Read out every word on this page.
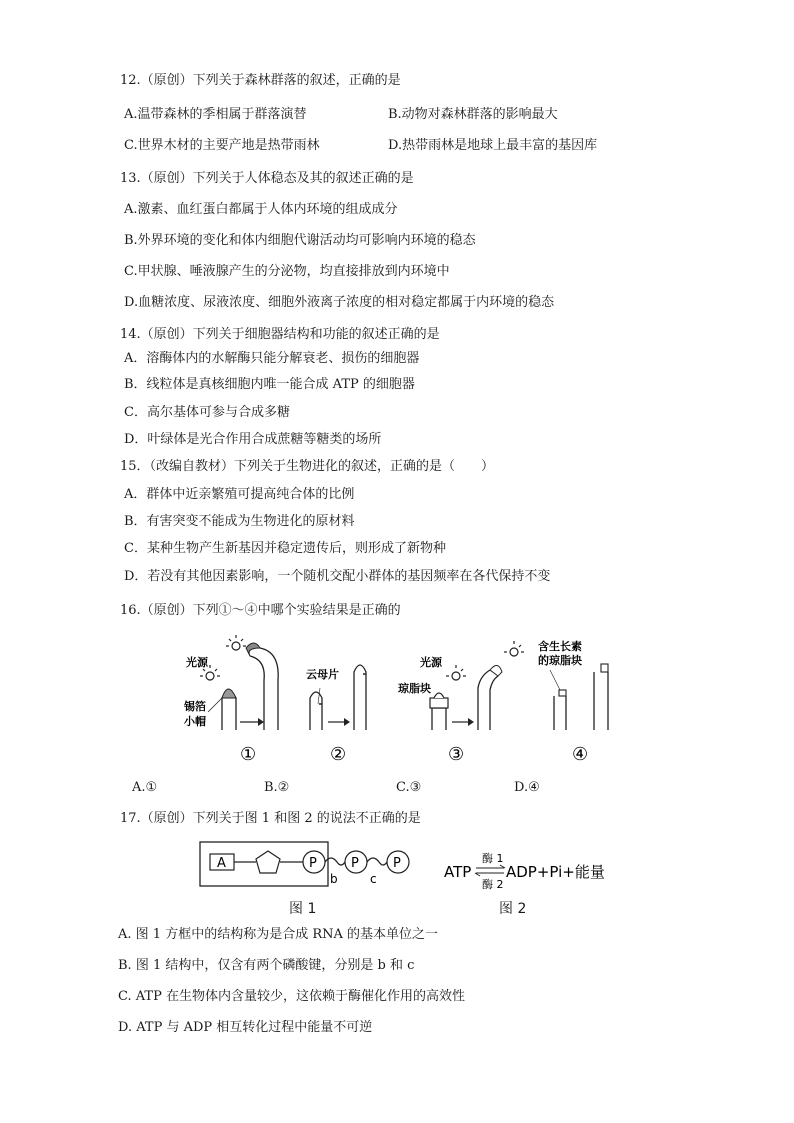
12.（原创）下列关于森林群落的叙述，正确的是
A.温带森林的季相属于群落演替	B.动物对森林群落的影响最大
C.世界木材的主要产地是热带雨林	D.热带雨林是地球上最丰富的基因库
13.（原创）下列关于人体稳态及其的叙述正确的是
A.激素、血红蛋白都属于人体内环境的组成成分
B.外界环境的变化和体内细胞代谢活动均可影响内环境的稳态
C.甲状腺、唾液腺产生的分泌物，均直接排放到内环境中
D.血糖浓度、尿液浓度、细胞外液离子浓度的相对稳定都属于内环境的稳态
14.（原创）下列关于细胞器结构和功能的叙述正确的是
A．溶酶体内的水解酶只能分解衰老、损伤的细胞器
B．线粒体是真核细胞内唯一能合成 ATP 的细胞器
C．高尔基体可参与合成多糖
D．叶绿体是光合作用合成蔗糖等糖类的场所
15．（改编自教材）下列关于生物进化的叙述，正确的是（　　）
A．群体中近亲繁殖可提高纯合体的比例
B．有害突变不能成为生物进化的原材料
C．某种生物产生新基因并稳定遗传后，则形成了新物种
D．若没有其他因素影响，一个随机交配小群体的基因频率在各代保持不变
16.（原创）下列①～④中哪个实验结果是正确的
光源
锡箔
小帽
①
云母片
②
光源
琼脂块
③
含生长素
的琼脂块
④
A.①	B.②	C.③	D.④
17.（原创）下列关于图 1 和图 2 的说法不正确的是
A	P	P	P
b	c	ATP
酶 1
酶 2
ADP+Pi+能量
图 1	图 2
A. 图 1 方框中的结构称为是合成 RNA 的基本单位之一
B. 图 1 结构中，仅含有两个磷酸键，分别是 b 和 c
C. ATP 在生物体内含量较少，这依赖于酶催化作用的高效性
D. ATP 与 ADP 相互转化过程中能量不可逆
